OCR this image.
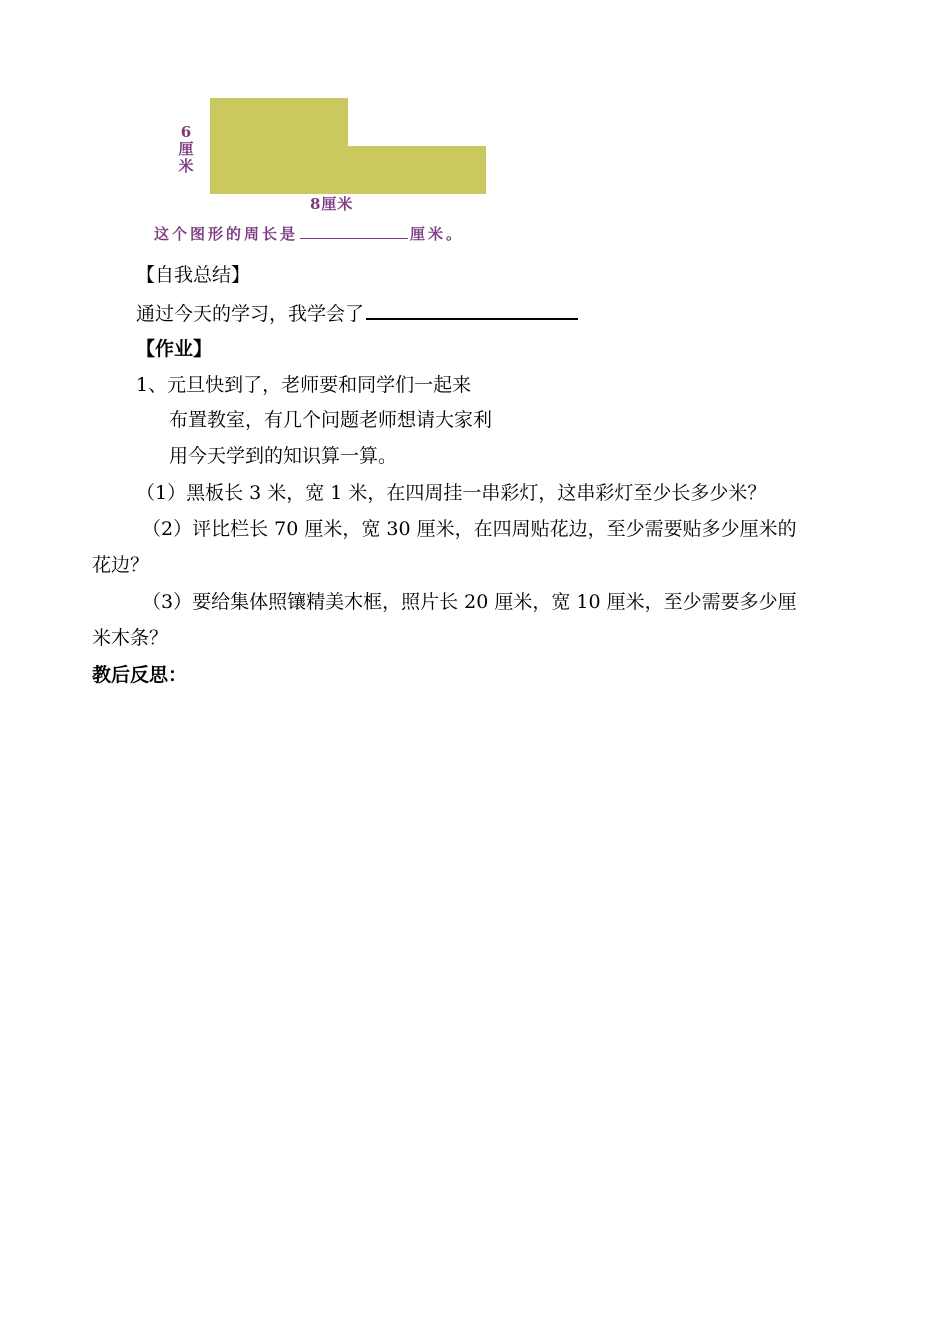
6
厘
米
8厘米
这个图形的周长是	厘米。
【自我总结】
通过今天的学习，我学会了
【作业】
1、元旦快到了，老师要和同学们一起来
布置教室，有几个问题老师想请大家利
用今天学到的知识算一算。
（1）黑板长 3 米，宽 1 米，在四周挂一串彩灯，这串彩灯至少长多少米？
（2）评比栏长 70 厘米，宽 30 厘米，在四周贴花边，至少需要贴多少厘米的
花边？
（3）要给集体照镶精美木框，照片长 20 厘米，宽 10 厘米，至少需要多少厘
米木条？
教后反思：
